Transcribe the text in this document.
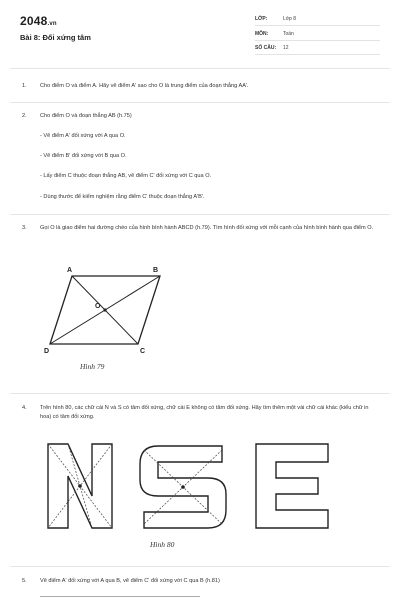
2048.vn
Bài 8: Đối xứng tâm
LỚP:	Lớp 8
MÔN:	Toán
SỐ CÂU: 12
1. Cho điểm O và điểm A. Hãy vẽ điểm A' sao cho O là trung điểm của đoạn thẳng AA'.
2. Cho điểm O và đoạn thẳng AB (h.75)
- Vẽ điểm A' đối xứng với A qua O.
- Vẽ điểm B' đối xứng với B qua O.
- Lấy điểm C thuộc đoạn thẳng AB, vẽ điểm C' đối xứng với C qua O.
- Dùng thước để kiểm nghiệm rằng điểm C' thuộc đoạn thẳng A'B'.
3. Gọi O là giao điểm hai đường chéo của hình bình hành ABCD (h.79). Tìm hình đối xứng với mỗi cạnh của hình bình hành qua điểm O.
A	B
C
D
O
Hình 79
4. Trên hình 80, các chữ cái N và S có tâm đối xứng, chữ cái E không có tâm đối xứng. Hãy tìm thêm một vài chữ cái khác (kiểu chữ in hoa) có tâm đối xứng.
Hình 80
5. Vẽ điểm A' đối xứng với A qua B, vẽ điểm C' đối xứng với C qua B (h.81)
